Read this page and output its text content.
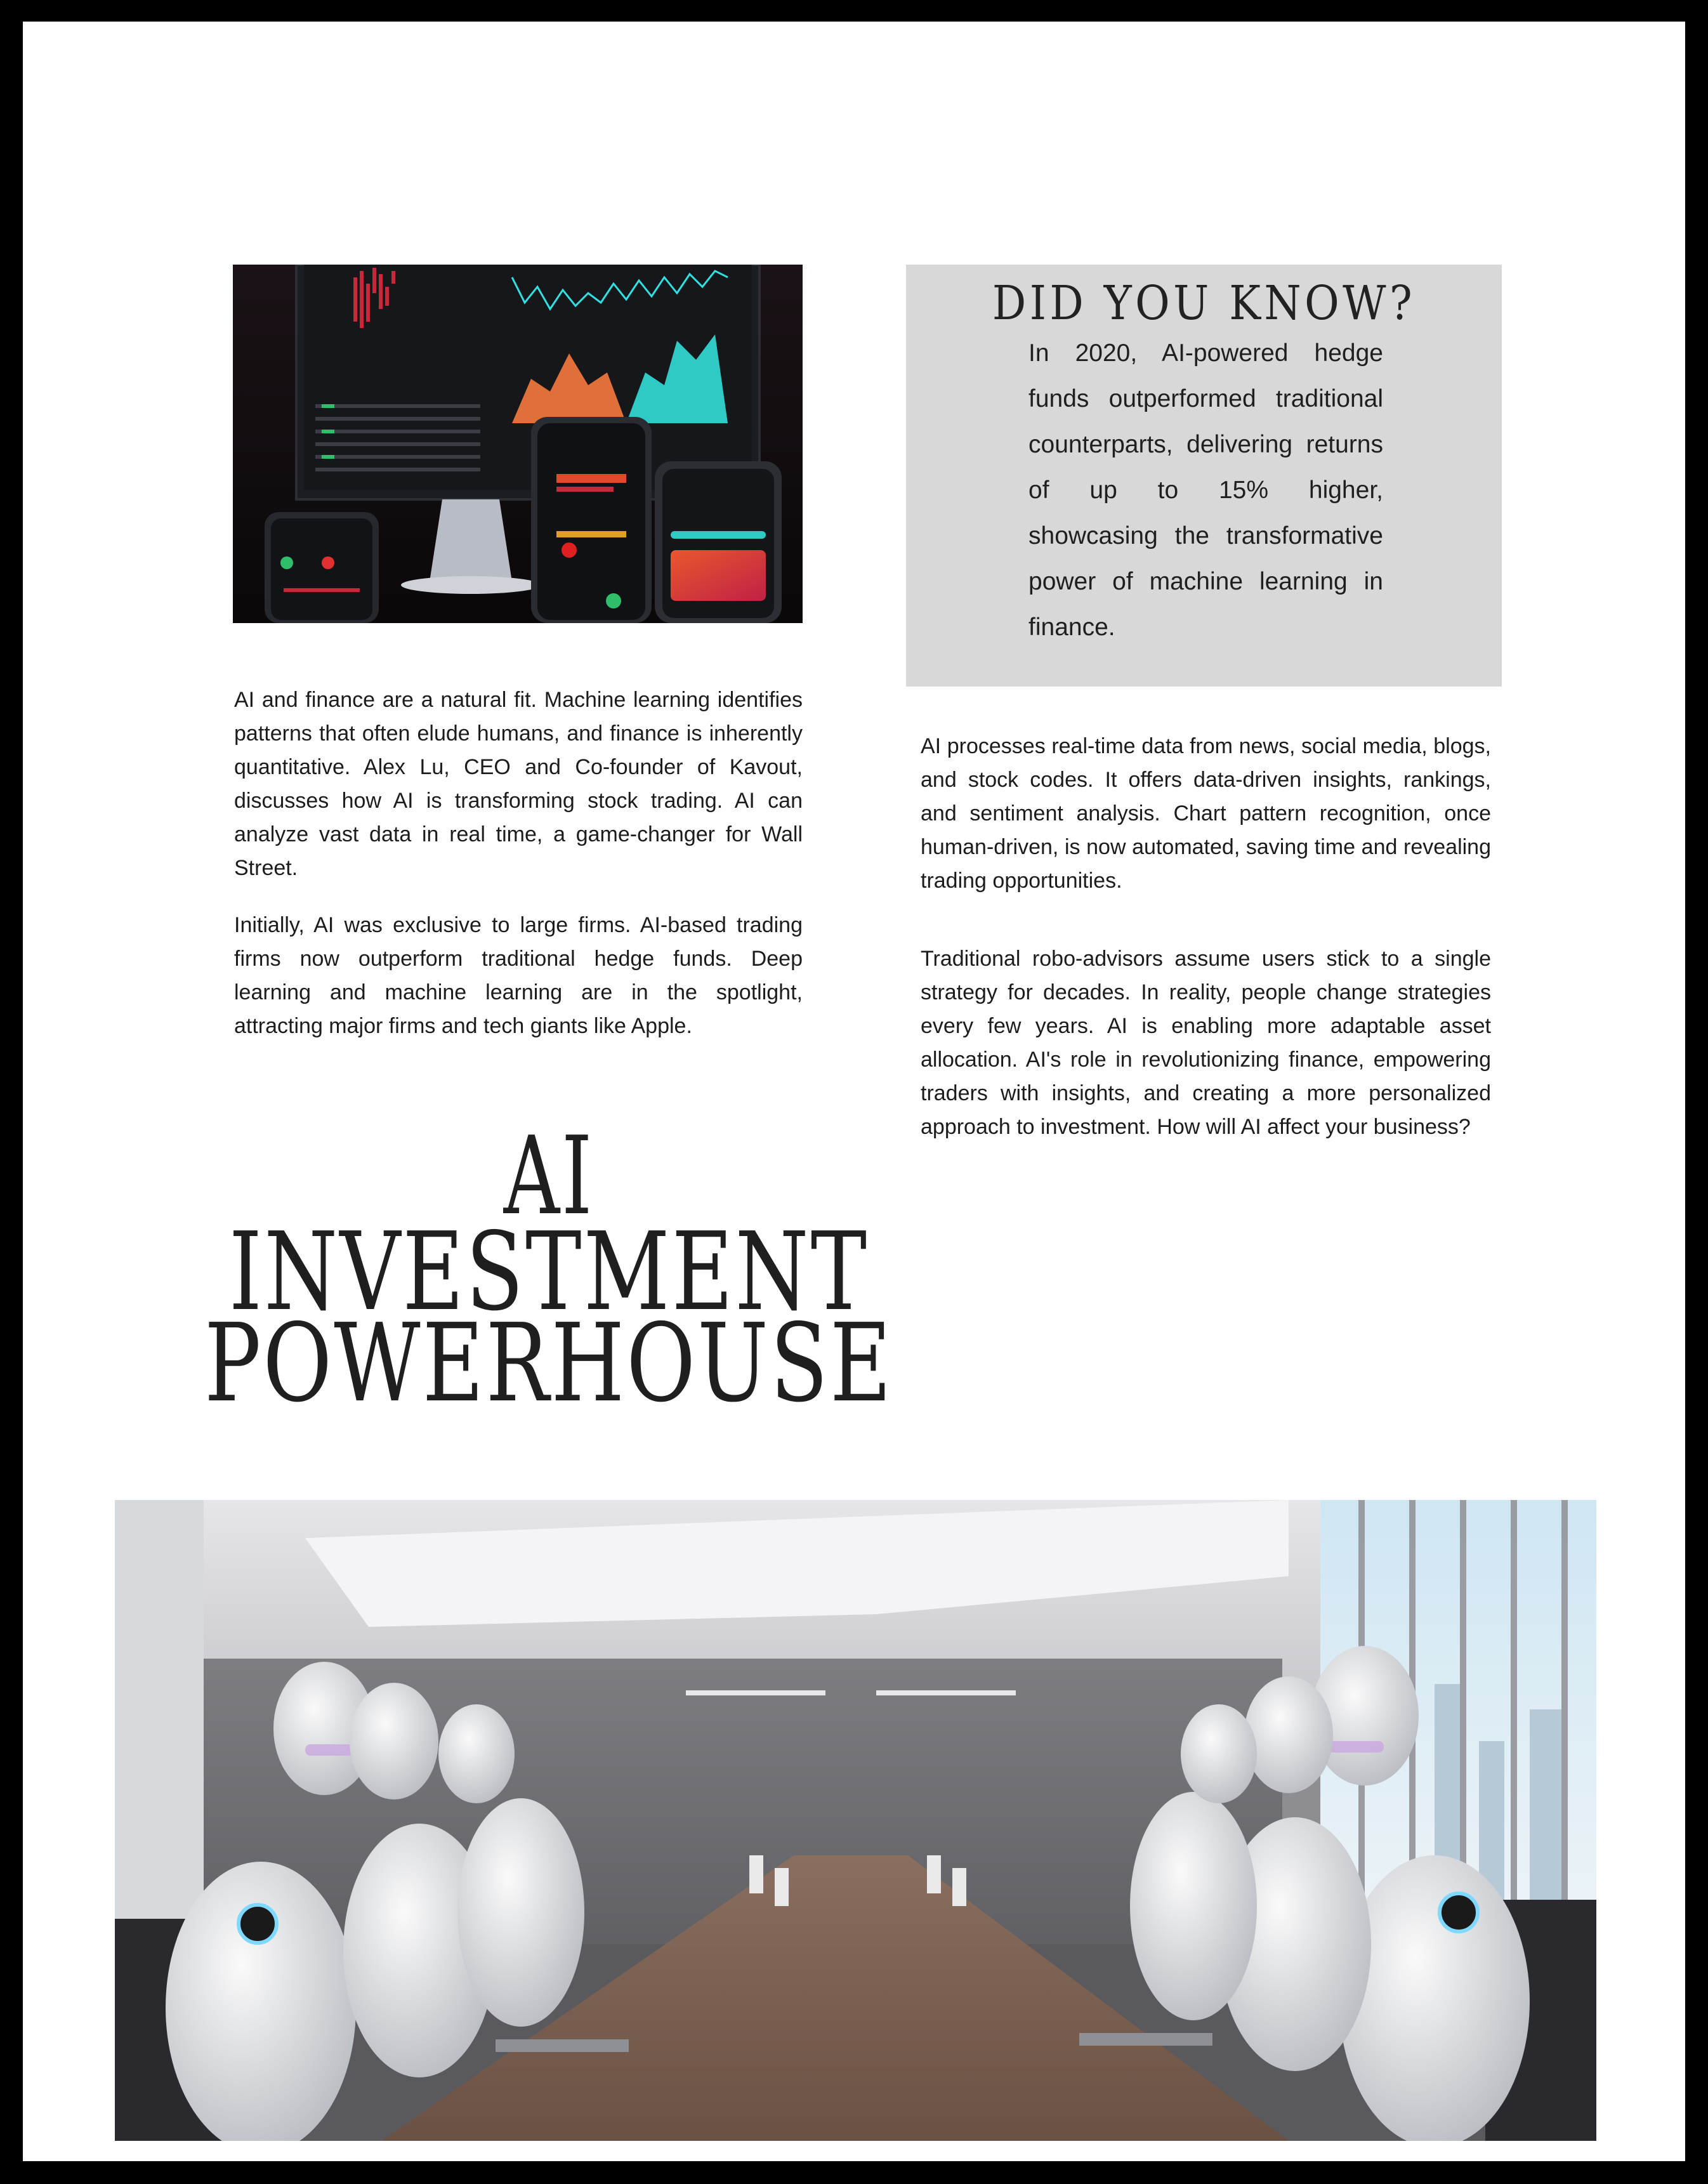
DID YOU KNOW?
In 2020, AI-powered hedge funds outperformed traditional counterparts, delivering returns of up to 15% higher, showcasing the transformative power of machine learning in finance.

AI and finance are a natural fit. Machine learning identifies patterns that often elude humans, and finance is inherently quantitative. Alex Lu, CEO and Co-founder of Kavout, discusses how AI is transforming stock trading. AI can analyze vast data in real time, a game-changer for Wall Street.

Initially, AI was exclusive to large firms. AI-based trading firms now outperform traditional hedge funds. Deep learning and machine learning are in the spotlight, attracting major firms and tech giants like Apple.

AI processes real-time data from news, social media, blogs, and stock codes. It offers data-driven insights, rankings, and sentiment analysis. Chart pattern recognition, once human-driven, is now automated, saving time and revealing trading opportunities.

Traditional robo-advisors assume users stick to a single strategy for decades. In reality, people change strategies every few years. AI is enabling more adaptable asset allocation. AI's role in revolutionizing finance, empowering traders with insights, and creating a more personalized approach to investment. How will AI affect your business?

AI
INVESTMENT
POWERHOUSE
